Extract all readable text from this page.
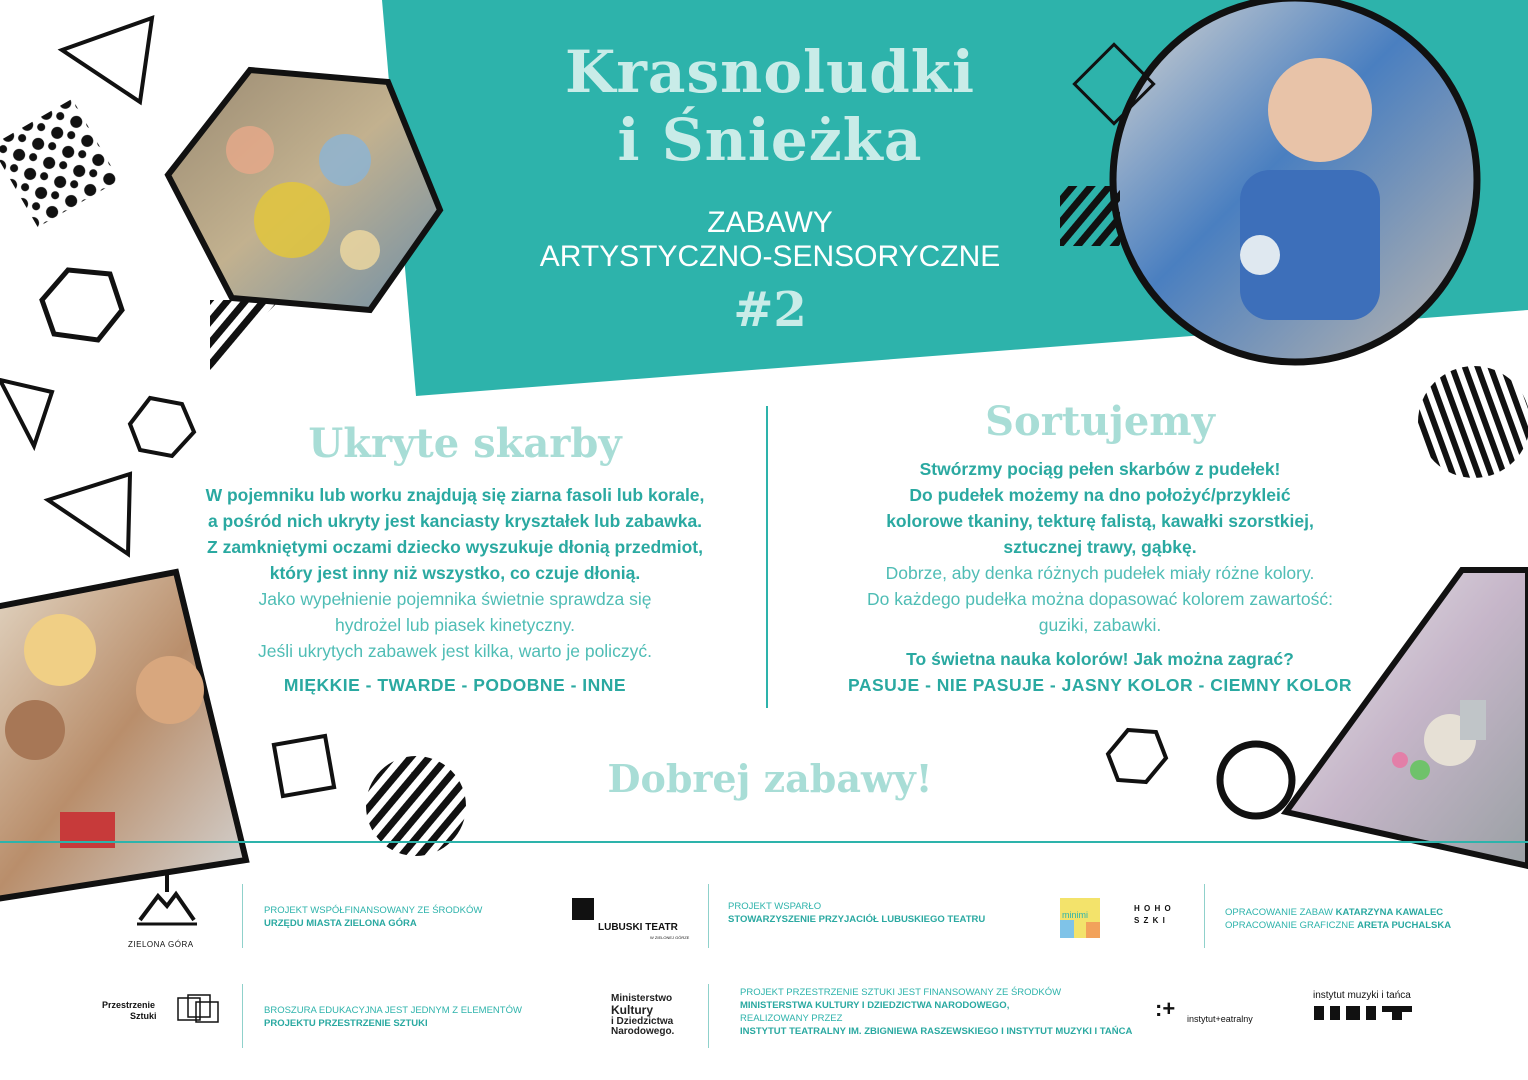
Krasnoludki
i Śnieżka
ZABAWY
ARTYSTYCZNO-SENSORYCZNE
#2
Ukryte skarby
W pojemniku lub worku znajdują się ziarna fasoli lub korale,
a pośród nich ukryty jest kanciasty kryształek lub zabawka.
Z zamkniętymi oczami dziecko wyszukuje dłonią przedmiot,
który jest inny niż wszystko, co czuje dłonią.
Jako wypełnienie pojemnika świetnie sprawdza się
hydrożel lub piasek kinetyczny.
Jeśli ukrytych zabawek jest kilka, warto je policzyć.
MIĘKKIE - TWARDE - PODOBNE - INNE
Sortujemy
Stwórzmy pociąg pełen skarbów z pudełek!
Do pudełek możemy na dno położyć/przykleić
kolorowe tkaniny, tekturę falistą, kawałki szorstkiej,
sztucznej trawy, gąbkę.
Dobrze, aby denka różnych pudełek miały różne kolory.
Do każdego pudełka można dopasować kolorem zawartość:
guziki, zabawki.
To świetna nauka kolorów! Jak można zagrać?
PASUJE - NIE PASUJE - JASNY KOLOR - CIEMNY KOLOR
Dobrej zabawy!
ZIELONA GÓRA
PROJEKT WSPÓŁFINANSOWANY ZE ŚRODKÓW
URZĘDU MIASTA ZIELONA GÓRA	LUBUSKI TEATR
W ZIELONEJ GÓRZE
PROJEKT WSPARŁO
STOWARZYSZENIE PRZYJACIÓŁ LUBUSKIEGO TEATRU	minimi
H O H O
S Z K I
OPRACOWANIE ZABAW KATARZYNA KAWALEC
OPRACOWANIE GRAFICZNE ARETA PUCHALSKA
Przestrzenie
Sztuki	BROSZURA EDUKACYJNA JEST JEDNYM Z ELEMENTÓW
PROJEKTU PRZESTRZENIE SZTUKI
Ministerstwo
Kultury
i Dziedzictwa
Narodowego.
PROJEKT PRZESTRZENIE SZTUKI JEST FINANSOWANY ZE ŚRODKÓW
MINISTERSTWA KULTURY I DZIEDZICTWA NARODOWEGO,
REALIZOWANY PRZEZ
INSTYTUT TEATRALNY IM. ZBIGNIEWA RASZEWSKIEGO I INSTYTUT MUZYKI I TAŃCA
:+ instytut+eatralny
instytut muzyki i tańca
